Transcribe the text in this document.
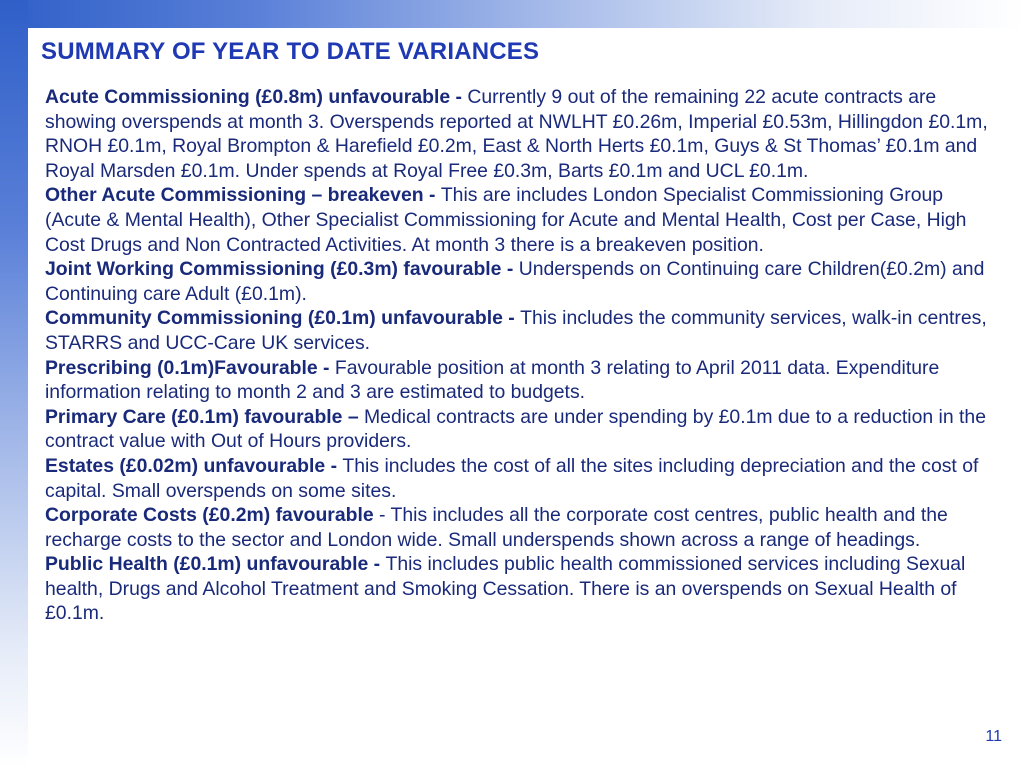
SUMMARY OF YEAR TO DATE VARIANCES

Acute Commissioning (£0.8m) unfavourable - Currently 9 out of the remaining 22 acute contracts are showing overspends at month 3. Overspends reported at NWLHT £0.26m, Imperial £0.53m, Hillingdon £0.1m, RNOH £0.1m, Royal Brompton & Harefield £0.2m, East & North Herts £0.1m, Guys & St Thomas’ £0.1m and Royal Marsden £0.1m. Under spends at Royal Free £0.3m, Barts £0.1m and UCL £0.1m.

Other Acute Commissioning – breakeven - This are includes London Specialist Commissioning Group (Acute & Mental Health), Other Specialist Commissioning for Acute and Mental Health, Cost per Case, High Cost Drugs and Non Contracted Activities. At month 3 there is a breakeven position.

Joint Working Commissioning (£0.3m) favourable - Underspends on Continuing care Children(£0.2m) and Continuing care Adult (£0.1m).

Community Commissioning (£0.1m) unfavourable - This includes the community services, walk-in centres, STARRS and UCC-Care UK services.

Prescribing (0.1m)Favourable - Favourable position at month 3 relating to April 2011 data. Expenditure information relating to month 2 and 3 are estimated to budgets.

Primary Care (£0.1m) favourable – Medical contracts are under spending by £0.1m due to a reduction in the contract value with Out of Hours providers.

Estates (£0.02m) unfavourable - This includes the cost of all the sites including depreciation and the cost of capital. Small overspends on some sites.

Corporate Costs (£0.2m) favourable - This includes all the corporate cost centres, public health and the recharge costs to the sector and London wide. Small underspends shown across a range of headings.

Public Health (£0.1m) unfavourable - This includes public health commissioned services including Sexual health, Drugs and Alcohol Treatment and Smoking Cessation. There is an overspends on Sexual Health of £0.1m.

11
